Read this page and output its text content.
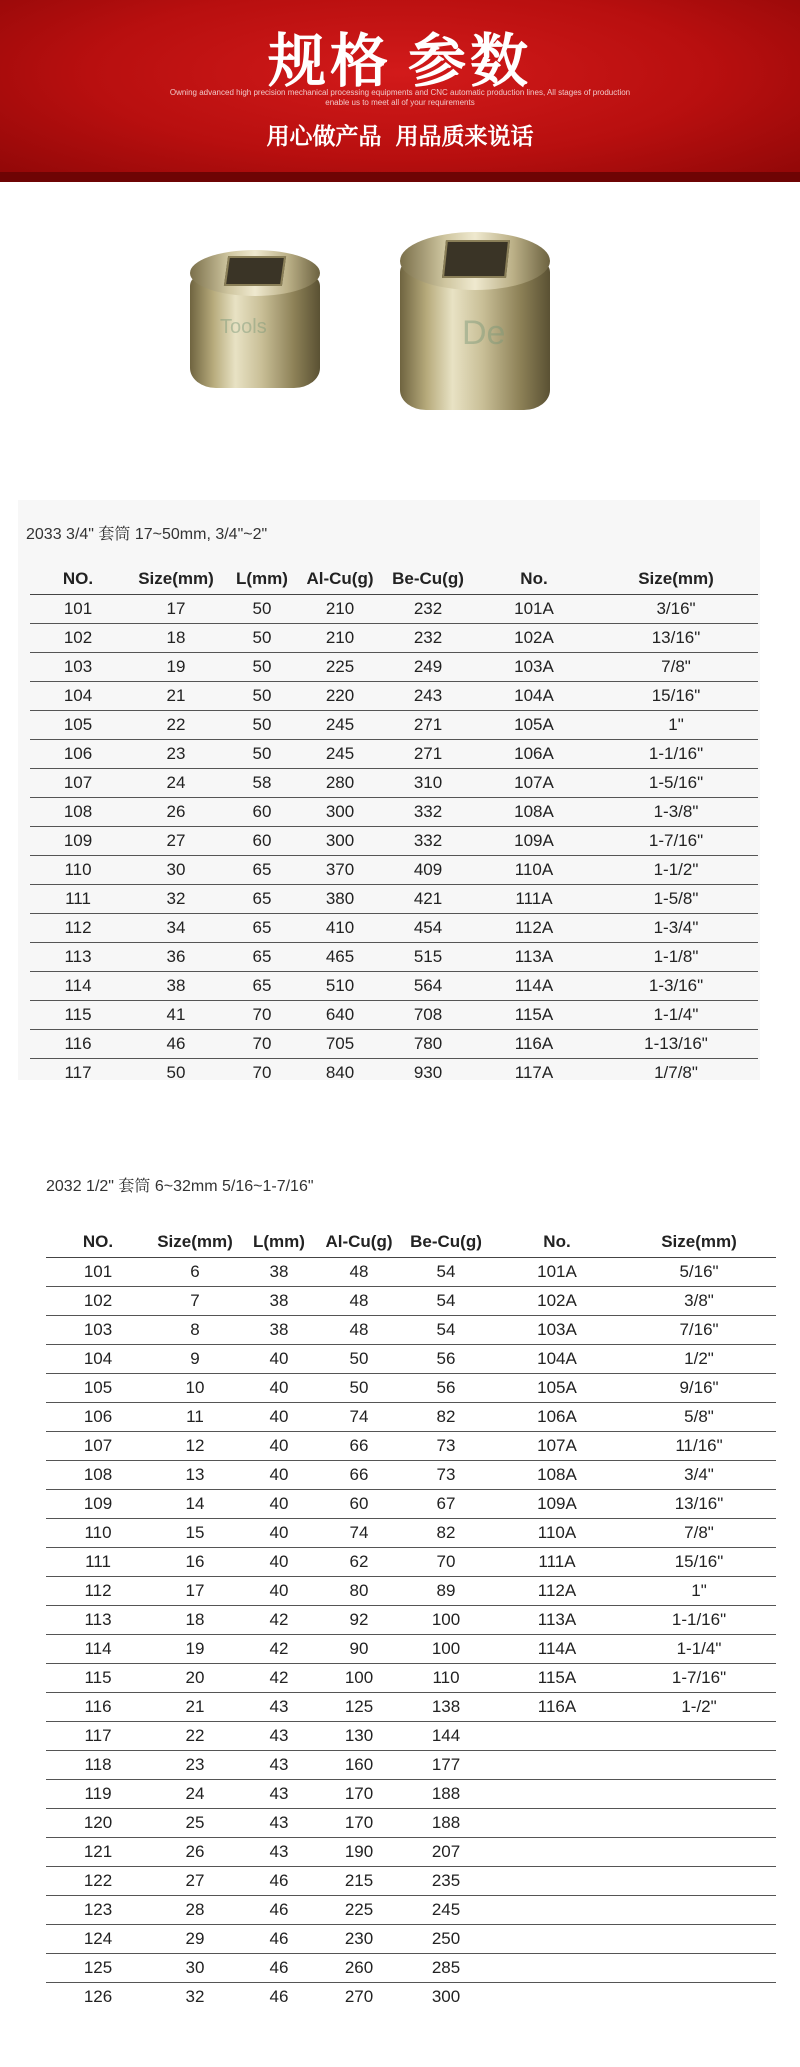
规格 参数
Owning advanced high precision mechanical processing equipments and CNC automatic production lines, All stages of production
enable us to meet all of your requirements
用心做产品 用品质来说话
Tools	De
2033 3/4" 套筒 17~50mm, 3/4"~2"
NO.	Size(mm)	L(mm)	Al-Cu(g)	Be-Cu(g)	No.	Size(mm)
101	17	50	210	232	101A	3/16"
102	18	50	210	232	102A	13/16"
103	19	50	225	249	103A	7/8"
104	21	50	220	243	104A	15/16"
105	22	50	245	271	105A	1"
106	23	50	245	271	106A	1-1/16"
107	24	58	280	310	107A	1-5/16"
108	26	60	300	332	108A	1-3/8"
109	27	60	300	332	109A	1-7/16"
110	30	65	370	409	110A	1-1/2"
111	32	65	380	421	111A	1-5/8"
112	34	65	410	454	112A	1-3/4"
113	36	65	465	515	113A	1-1/8"
114	38	65	510	564	114A	1-3/16"
115	41	70	640	708	115A	1-1/4"
116	46	70	705	780	116A	1-13/16"
117	50	70	840	930	117A	1/7/8"
2032 1/2" 套筒 6~32mm 5/16~1-7/16"
NO.	Size(mm)	L(mm)	Al-Cu(g)	Be-Cu(g)	No.	Size(mm)
101	6	38	48	54	101A	5/16"
102	7	38	48	54	102A	3/8"
103	8	38	48	54	103A	7/16"
104	9	40	50	56	104A	1/2"
105	10	40	50	56	105A	9/16"
106	11	40	74	82	106A	5/8"
107	12	40	66	73	107A	11/16"
108	13	40	66	73	108A	3/4"
109	14	40	60	67	109A	13/16"
110	15	40	74	82	110A	7/8"
111	16	40	62	70	111A	15/16"
112	17	40	80	89	112A	1"
113	18	42	92	100	113A	1-1/16"
114	19	42	90	100	114A	1-1/4"
115	20	42	100	110	115A	1-7/16"
116	21	43	125	138	116A	1-/2"
117	22	43	130	144		
118	23	43	160	177		
119	24	43	170	188		
120	25	43	170	188		
121	26	43	190	207		
122	27	46	215	235		
123	28	46	225	245		
124	29	46	230	250		
125	30	46	260	285		
126	32	46	270	300		
